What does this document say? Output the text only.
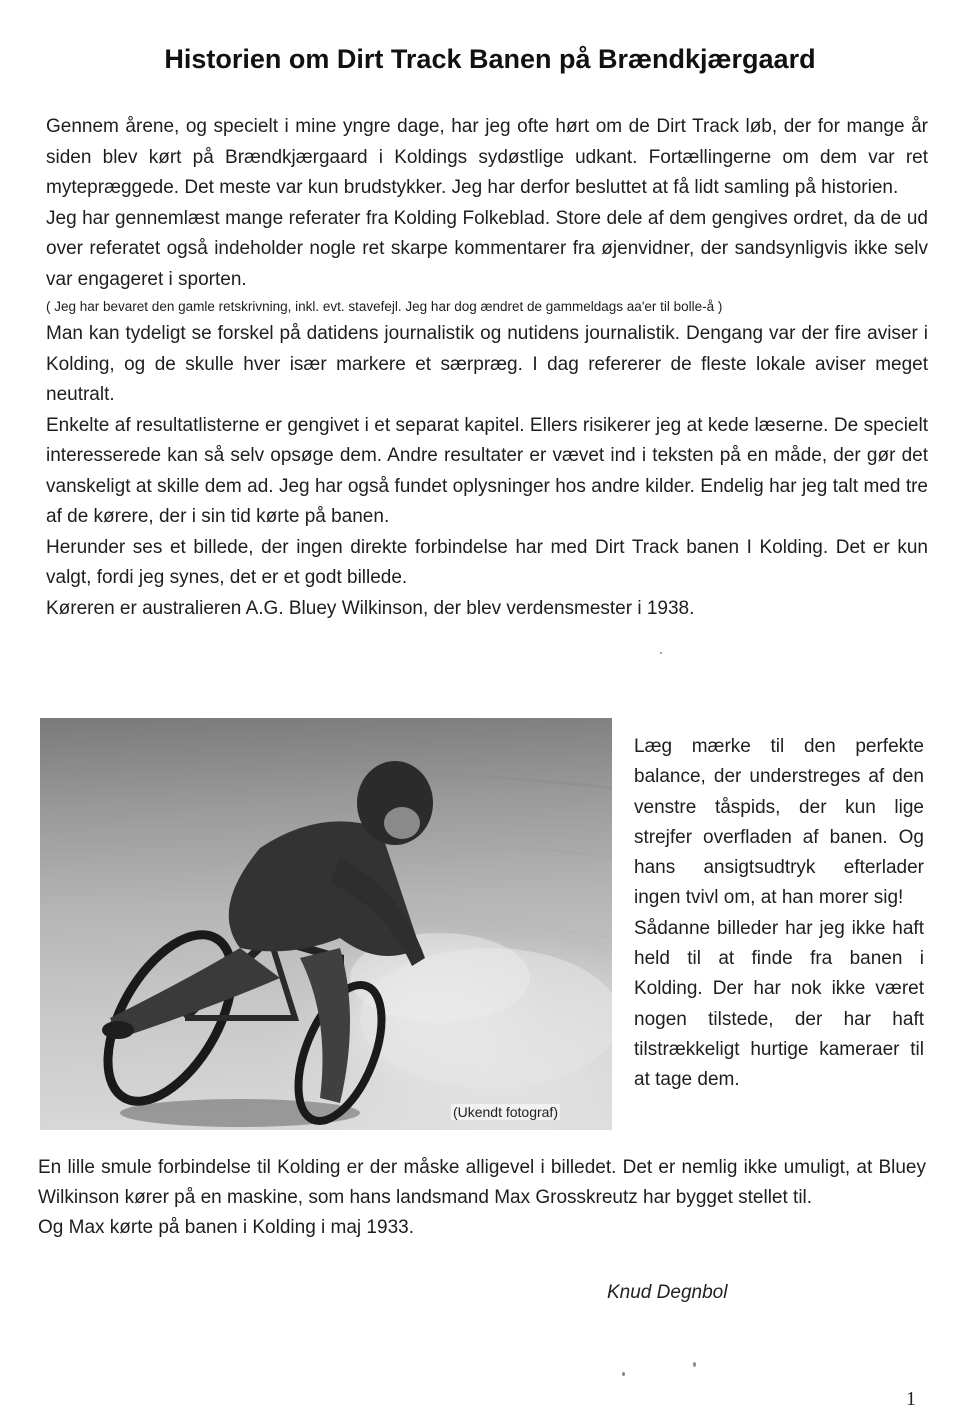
Historien om Dirt Track Banen på Brændkjærgaard

Gennem årene, og specielt i mine yngre dage, har jeg ofte hørt om de Dirt Track løb, der for mange år siden blev kørt på Brændkjærgaard i Koldings sydøstlige udkant. Fortællingerne om dem var ret mytepræggede. Det meste var kun brudstykker. Jeg har derfor besluttet at få lidt samling på historien.

Jeg har gennemlæst mange referater fra Kolding Folkeblad. Store dele af dem gengives ordret, da de ud over referatet også indeholder nogle ret skarpe kommentarer fra øjenvidner, der sandsynligvis ikke selv var engageret i sporten.

( Jeg har bevaret den gamle retskrivning, inkl. evt. stavefejl. Jeg har dog ændret de gammeldags aa'er til bolle-å )

Man kan tydeligt se forskel på datidens journalistik og nutidens journalistik. Dengang var der fire aviser i Kolding, og de skulle hver især markere et særpræg. I dag refererer de fleste lokale aviser meget neutralt.

Enkelte af resultatlisterne er gengivet i et separat kapitel. Ellers risikerer jeg at kede læserne. De specielt interesserede kan så selv opsøge dem. Andre resultater er vævet ind i teksten på en måde, der gør det vanskeligt at skille dem ad. Jeg har også fundet oplysninger hos andre kilder. Endelig har jeg talt med tre af de kørere, der i sin tid kørte på banen.

Herunder ses et billede, der ingen direkte forbindelse har med Dirt Track banen I Kolding. Det er kun valgt, fordi jeg synes, det er et godt billede.

Køreren er australieren A.G. Bluey Wilkinson, der blev verdensmester i 1938.

(Ukendt fotograf)

Læg mærke til den perfekte balance, der understreges af den venstre tåspids, der kun lige strejfer overfladen af banen. Og hans ansigtsudtryk efterlader ingen tvivl om, at han morer sig!

Sådanne billeder har jeg ikke haft held til at finde fra banen i Kolding. Der har nok ikke været nogen tilstede, der har haft tilstrækkeligt hurtige kameraer til at tage dem.

En lille smule forbindelse til Kolding er der måske alligevel i billedet. Det er nemlig ikke umuligt, at Bluey Wilkinson kører på en maskine, som hans landsmand Max Grosskreutz har bygget stellet til.

Og Max kørte på banen i Kolding i maj 1933.

Knud Degnbol
1
